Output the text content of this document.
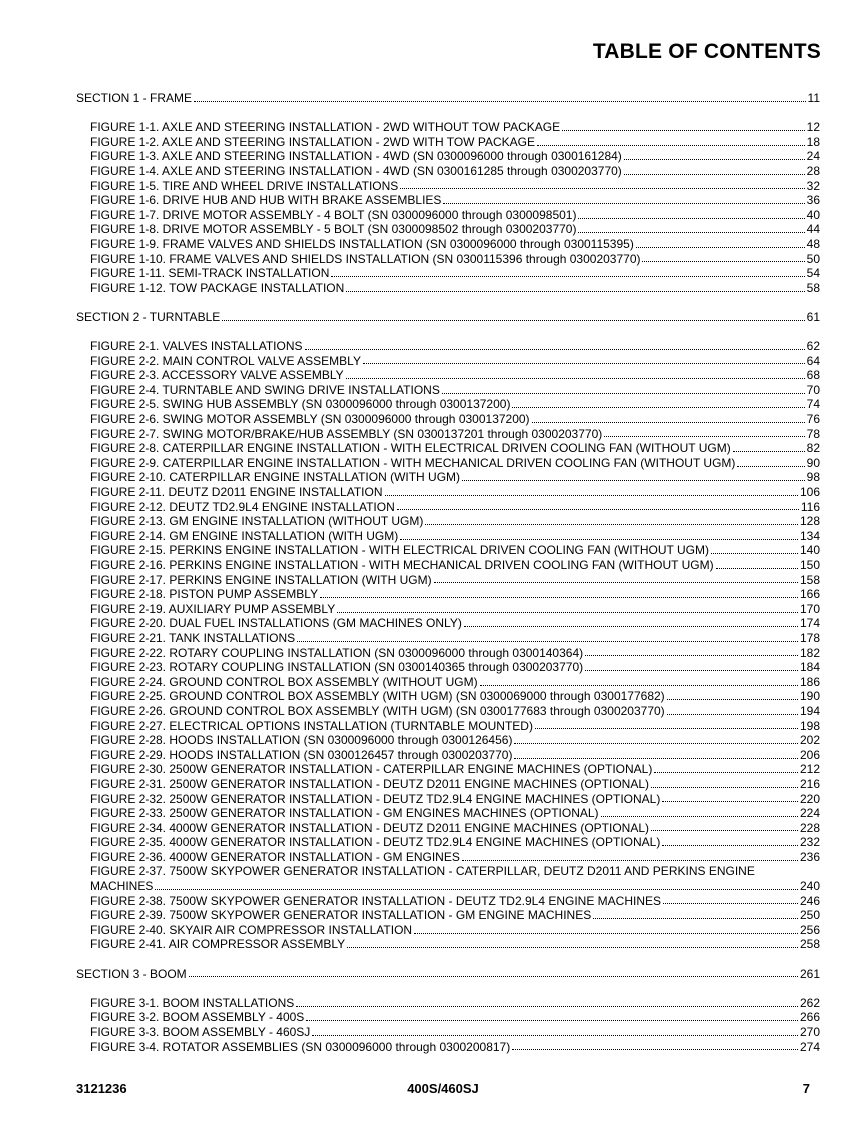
TABLE OF CONTENTS
SECTION 1 - FRAME	11
FIGURE 1-1. AXLE AND STEERING INSTALLATION - 2WD WITHOUT TOW PACKAGE	12
FIGURE 1-2. AXLE AND STEERING INSTALLATION - 2WD WITH TOW PACKAGE	18
FIGURE 1-3. AXLE AND STEERING INSTALLATION - 4WD (SN 0300096000 through 0300161284)	24
FIGURE 1-4. AXLE AND STEERING INSTALLATION - 4WD (SN 0300161285 through 0300203770)	28
FIGURE 1-5. TIRE AND WHEEL DRIVE INSTALLATIONS	32
FIGURE 1-6. DRIVE HUB AND HUB WITH BRAKE ASSEMBLIES	36
FIGURE 1-7. DRIVE MOTOR ASSEMBLY - 4 BOLT (SN 0300096000 through 0300098501)	40
FIGURE 1-8. DRIVE MOTOR ASSEMBLY - 5 BOLT (SN 0300098502 through 0300203770)	44
FIGURE 1-9. FRAME VALVES AND SHIELDS INSTALLATION (SN 0300096000 through 0300115395)	48
FIGURE 1-10. FRAME VALVES AND SHIELDS INSTALLATION (SN 0300115396 through 0300203770)	50
FIGURE 1-11. SEMI-TRACK INSTALLATION	54
FIGURE 1-12. TOW PACKAGE INSTALLATION	58
SECTION 2 - TURNTABLE	61
FIGURE 2-1. VALVES INSTALLATIONS	62
FIGURE 2-2. MAIN CONTROL VALVE ASSEMBLY	64
FIGURE 2-3. ACCESSORY VALVE ASSEMBLY	68
FIGURE 2-4. TURNTABLE AND SWING DRIVE INSTALLATIONS	70
FIGURE 2-5. SWING HUB ASSEMBLY (SN 0300096000 through 0300137200)	74
FIGURE 2-6. SWING MOTOR ASSEMBLY (SN 0300096000 through 0300137200)	76
FIGURE 2-7. SWING MOTOR/BRAKE/HUB ASSEMBLY (SN 0300137201 through 0300203770)	78
FIGURE 2-8. CATERPILLAR ENGINE INSTALLATION - WITH ELECTRICAL DRIVEN COOLING FAN (WITHOUT UGM)	82
FIGURE 2-9. CATERPILLAR ENGINE INSTALLATION - WITH MECHANICAL DRIVEN COOLING FAN (WITHOUT UGM)	90
FIGURE 2-10. CATERPILLAR ENGINE INSTALLATION (WITH UGM)	98
FIGURE 2-11. DEUTZ D2011 ENGINE INSTALLATION	106
FIGURE 2-12. DEUTZ TD2.9L4 ENGINE INSTALLATION	116
FIGURE 2-13. GM ENGINE INSTALLATION (WITHOUT UGM)	128
FIGURE 2-14. GM ENGINE INSTALLATION (WITH UGM)	134
FIGURE 2-15. PERKINS ENGINE INSTALLATION - WITH ELECTRICAL DRIVEN COOLING FAN (WITHOUT UGM)	140
FIGURE 2-16. PERKINS ENGINE INSTALLATION - WITH MECHANICAL DRIVEN COOLING FAN (WITHOUT UGM)	150
FIGURE 2-17. PERKINS ENGINE INSTALLATION (WITH UGM)	158
FIGURE 2-18. PISTON PUMP ASSEMBLY	166
FIGURE 2-19. AUXILIARY PUMP ASSEMBLY	170
FIGURE 2-20. DUAL FUEL INSTALLATIONS (GM MACHINES ONLY)	174
FIGURE 2-21. TANK INSTALLATIONS	178
FIGURE 2-22. ROTARY COUPLING INSTALLATION (SN 0300096000 through 0300140364)	182
FIGURE 2-23. ROTARY COUPLING INSTALLATION (SN 0300140365 through 0300203770)	184
FIGURE 2-24. GROUND CONTROL BOX ASSEMBLY (WITHOUT UGM)	186
FIGURE 2-25. GROUND CONTROL BOX ASSEMBLY (WITH UGM) (SN 0300069000 through 0300177682)	190
FIGURE 2-26. GROUND CONTROL BOX ASSEMBLY (WITH UGM) (SN 0300177683 through 0300203770)	194
FIGURE 2-27. ELECTRICAL OPTIONS INSTALLATION (TURNTABLE MOUNTED)	198
FIGURE 2-28. HOODS INSTALLATION (SN 0300096000 through 0300126456)	202
FIGURE 2-29. HOODS INSTALLATION (SN 0300126457 through 0300203770)	206
FIGURE 2-30. 2500W GENERATOR INSTALLATION - CATERPILLAR ENGINE MACHINES (OPTIONAL)	212
FIGURE 2-31. 2500W GENERATOR INSTALLATION - DEUTZ D2011 ENGINE MACHINES (OPTIONAL)	216
FIGURE 2-32. 2500W GENERATOR INSTALLATION - DEUTZ TD2.9L4 ENGINE MACHINES (OPTIONAL)	220
FIGURE 2-33. 2500W GENERATOR INSTALLATION - GM ENGINES MACHINES (OPTIONAL)	224
FIGURE 2-34. 4000W GENERATOR INSTALLATION - DEUTZ D2011 ENGINE MACHINES (OPTIONAL)	228
FIGURE 2-35. 4000W GENERATOR INSTALLATION - DEUTZ TD2.9L4 ENGINE MACHINES (OPTIONAL)	232
FIGURE 2-36. 4000W GENERATOR INSTALLATION - GM ENGINES	236
FIGURE 2-37. 7500W SKYPOWER GENERATOR INSTALLATION - CATERPILLAR, DEUTZ D2011 AND PERKINS ENGINE
MACHINES	240
FIGURE 2-38. 7500W SKYPOWER GENERATOR INSTALLATION - DEUTZ TD2.9L4 ENGINE MACHINES	246
FIGURE 2-39. 7500W SKYPOWER GENERATOR INSTALLATION - GM ENGINE MACHINES	250
FIGURE 2-40. SKYAIR AIR COMPRESSOR INSTALLATION	256
FIGURE 2-41. AIR COMPRESSOR ASSEMBLY	258
SECTION 3 - BOOM	261
FIGURE 3-1. BOOM INSTALLATIONS	262
FIGURE 3-2. BOOM ASSEMBLY - 400S	266
FIGURE 3-3. BOOM ASSEMBLY - 460SJ	270
FIGURE 3-4. ROTATOR ASSEMBLIES (SN 0300096000 through 0300200817)	274
3121236	400S/460SJ	7
